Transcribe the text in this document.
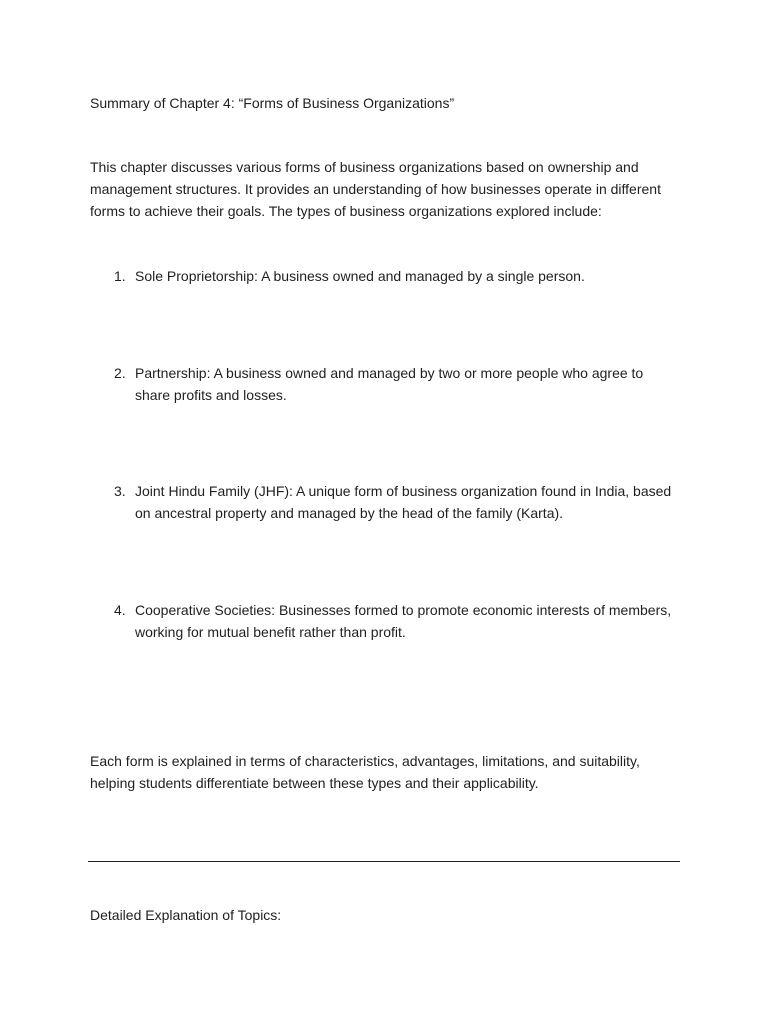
Summary of Chapter 4: “Forms of Business Organizations”

This chapter discusses various forms of business organizations based on ownership and management structures. It provides an understanding of how businesses operate in different forms to achieve their goals. The types of business organizations explored include:

1. Sole Proprietorship: A business owned and managed by a single person.
2. Partnership: A business owned and managed by two or more people who agree to share profits and losses.
3. Joint Hindu Family (JHF): A unique form of business organization found in India, based on ancestral property and managed by the head of the family (Karta).
4. Cooperative Societies: Businesses formed to promote economic interests of members, working for mutual benefit rather than profit.

Each form is explained in terms of characteristics, advantages, limitations, and suitability, helping students differentiate between these types and their applicability.

Detailed Explanation of Topics:
